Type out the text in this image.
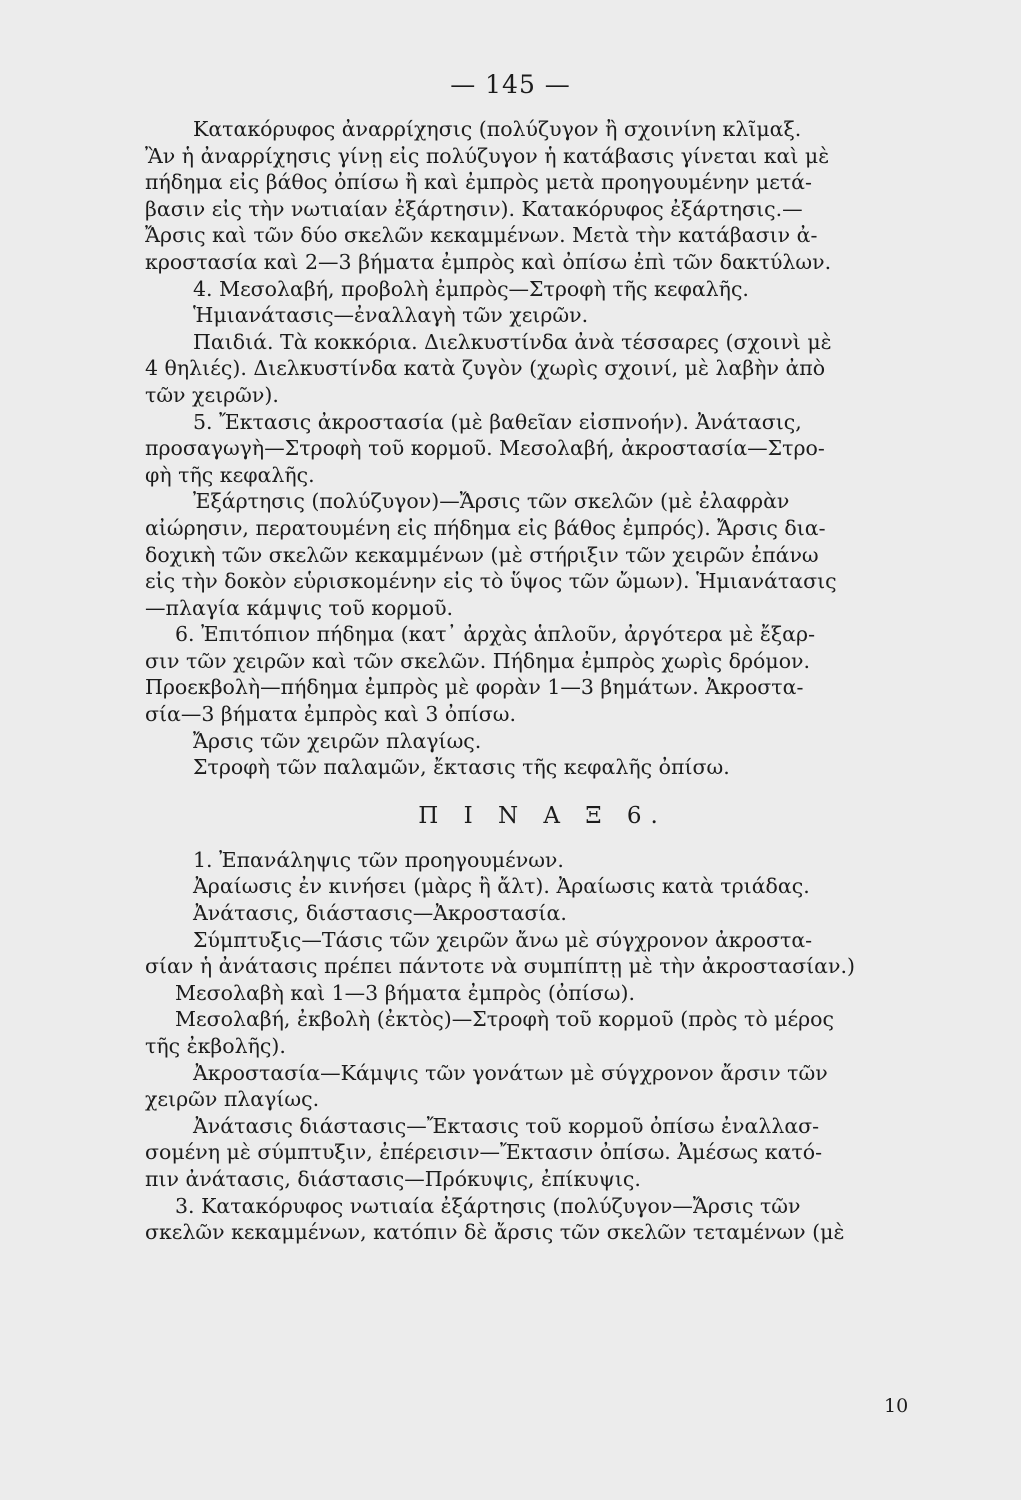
— 145 —
Κατακόρυφος ἀναρρίχησις (πολύζυγον ἢ σχοινίνη κλῖμαξ.
Ἂν ἡ ἀναρρίχησις γίνῃ εἰς πολύζυγον ἡ κατάβασις γίνεται καὶ μὲ
πήδημα εἰς βάθος ὀπίσω ἢ καὶ ἐμπρὸς μετὰ προηγουμένην μετά-
βασιν εἰς τὴν νωτιαίαν ἐξάρτησιν). Κατακόρυφος ἐξάρτησις.—
Ἄρσις καὶ τῶν δύο σκελῶν κεκαμμένων. Μετὰ τὴν κατάβασιν ἀ-
κροστασία καὶ 2—3 βήματα ἐμπρὸς καὶ ὀπίσω ἐπὶ τῶν δακτύλων.
4. Μεσολαβή, προβολὴ ἐμπρὸς—Στροφὴ τῆς κεφαλῆς.
Ἡμιανάτασις—ἐναλλαγὴ τῶν χειρῶν.
Παιδιά. Τὰ κοκκόρια. Διελκυστίνδα ἀνὰ τέσσαρες (σχοινὶ μὲ
4 θηλιές). Διελκυστίνδα κατὰ ζυγὸν (χωρὶς σχοινί, μὲ λαβὴν ἀπὸ
τῶν χειρῶν).
5. Ἔκτασις ἀκροστασία (μὲ βαθεῖαν εἰσπνοήν). Ἀνάτασις,
προσαγωγὴ—Στροφὴ τοῦ κορμοῦ. Μεσολαβή, ἀκροστασία—Στρο-
φὴ τῆς κεφαλῆς.
Ἐξάρτησις (πολύζυγον)—Ἄρσις τῶν σκελῶν (μὲ ἐλαφρὰν
αἰώρησιν, περατουμένη εἰς πήδημα εἰς βάθος ἐμπρός). Ἄρσις δια-
δοχικὴ τῶν σκελῶν κεκαμμένων (μὲ στήριξιν τῶν χειρῶν ἐπάνω
εἰς τὴν δοκὸν εὑρισκομένην εἰς τὸ ὕψος τῶν ὤμων). Ἡμιανάτασις
—πλαγία κάμψις τοῦ κορμοῦ.
6. Ἐπιτόπιον πήδημα (κατ᾽ ἀρχὰς ἁπλοῦν, ἀργότερα μὲ ἔξαρ-
σιν τῶν χειρῶν καὶ τῶν σκελῶν. Πήδημα ἐμπρὸς χωρὶς δρόμον.
Προεκβολὴ—πήδημα ἐμπρὸς μὲ φορὰν 1—3 βημάτων. Ἀκροστα-
σία—3 βήματα ἐμπρὸς καὶ 3 ὀπίσω.
Ἄρσις τῶν χειρῶν πλαγίως.
Στροφὴ τῶν παλαμῶν, ἔκτασις τῆς κεφαλῆς ὀπίσω.
Π Ι Ν Α Ξ 6.
1. Ἐπανάληψις τῶν προηγουμένων.
Ἀραίωσις ἐν κινήσει (μὰρς ἢ ἄλτ). Ἀραίωσις κατὰ τριάδας.
Ἀνάτασις, διάστασις—Ἀκροστασία.
Σύμπτυξις—Τάσις τῶν χειρῶν ἄνω μὲ σύγχρονον ἀκροστα-
σίαν ἡ ἀνάτασις πρέπει πάντοτε νὰ συμπίπτῃ μὲ τὴν ἀκροστασίαν.)
Μεσολαβὴ καὶ 1—3 βήματα ἐμπρὸς (ὀπίσω).
Μεσολαβή, ἐκβολὴ (ἐκτὸς)—Στροφὴ τοῦ κορμοῦ (πρὸς τὸ μέρος
τῆς ἐκβολῆς).
Ἀκροστασία—Κάμψις τῶν γονάτων μὲ σύγχρονον ἄρσιν τῶν
χειρῶν πλαγίως.
Ἀνάτασις διάστασις—Ἔκτασις τοῦ κορμοῦ ὀπίσω ἐναλλασ-
σομένη μὲ σύμπτυξιν, ἐπέρεισιν—Ἔκτασιν ὀπίσω. Ἀμέσως κατό-
πιν ἀνάτασις, διάστασις—Πρόκυψις, ἐπίκυψις.
3. Κατακόρυφος νωτιαία ἐξάρτησις (πολύζυγον—Ἄρσις τῶν
σκελῶν κεκαμμένων, κατόπιν δὲ ἄρσις τῶν σκελῶν τεταμένων (μὲ
10
